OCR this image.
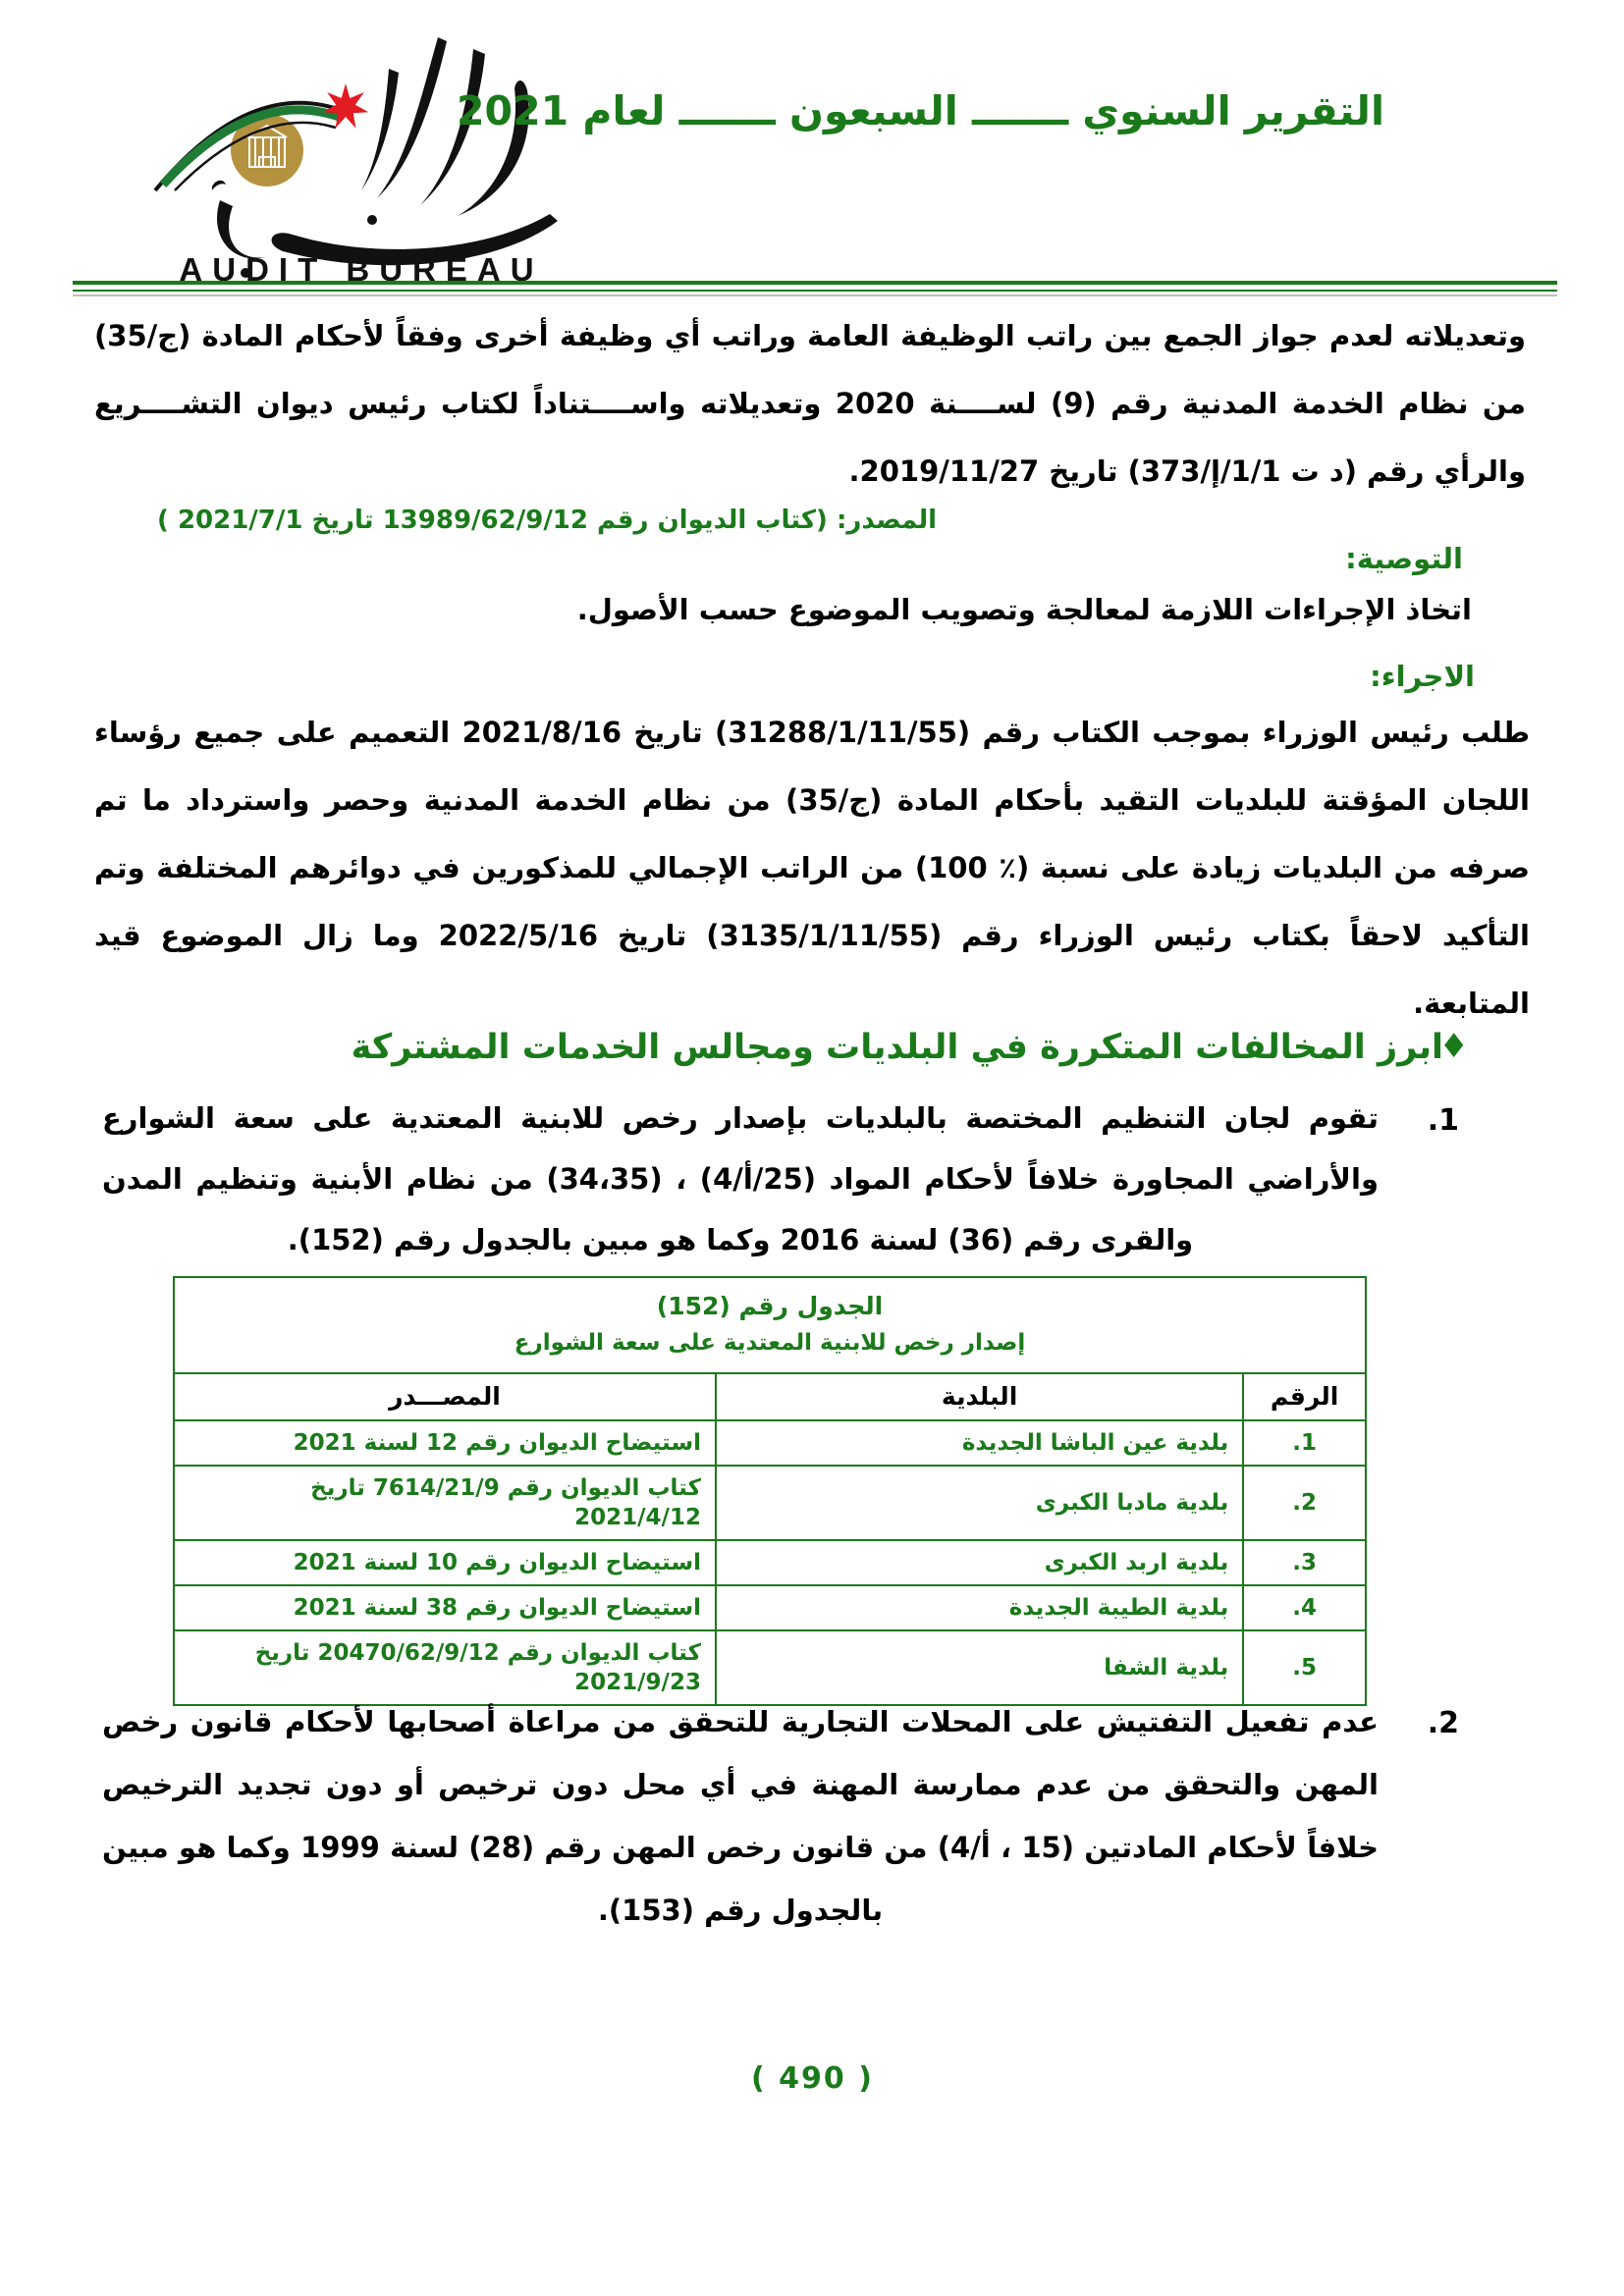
AUDIT BUREAU
التقرير السنوي ـــــــ السبعون ـــــــ لعام 2021
وتعديلاته لعدم جواز الجمع بين راتب الوظيفة العامة وراتب أي وظيفة أخرى وفقاً لأحكام المادة (ج/35) من نظام الخدمة المدنية رقم (9) لســــنة 2020 وتعديلاته واســــتناداً لكتاب رئيس ديوان التشــــريع والرأي رقم (د ت 1/1/إ/373) تاريخ 2019/11/27.
المصدر: (كتاب الديوان رقم 13989/62/9/12 تاريخ 2021/7/1 )
التوصية:
اتخاذ الإجراءات اللازمة لمعالجة وتصويب الموضوع حسب الأصول.
الاجراء:
طلب رئيس الوزراء بموجب الكتاب رقم (31288/1/11/55) تاريخ 2021/8/16 التعميم على جميع رؤساء اللجان المؤقتة للبلديات التقيد بأحكام المادة (ج/35) من نظام الخدمة المدنية وحصر واسترداد ما تم صرفه من البلديات زيادة على نسبة (٪ 100) من الراتب الإجمالي للمذكورين في دوائرهم المختلفة وتم التأكيد لاحقاً بكتاب رئيس الوزراء رقم (3135/1/11/55) تاريخ 2022/5/16 وما زال الموضوع قيد المتابعة.
♦
ابرز المخالفات المتكررة في البلديات ومجالس الخدمات المشتركة
1.
تقوم لجان التنظيم المختصة بالبلديات بإصدار رخص للابنية المعتدية على سعة الشوارع والأراضي المجاورة خلافاً لأحكام المواد (25/أ/4) ، (34،35) من نظام الأبنية وتنظيم المدن والقرى رقم (36) لسنة 2016 وكما هو مبين بالجدول رقم (152).
الجدول رقم (152)
إصدار رخص للابنية المعتدية على سعة الشوارع		

الرقم	البلدية	المصـــدر
1.	بلدية عين الباشا الجديدة	استيضاح الديوان رقم 12 لسنة 2021
2.	بلدية مادبا الكبرى	كتاب الديوان رقم 7614/21/9 تاريخ 2021/4/12
3.	بلدية اربد الكبرى	استيضاح الديوان رقم 10 لسنة 2021
4.	بلدية الطيبة الجديدة	استيضاح الديوان رقم 38 لسنة 2021
5.	بلدية الشفا	كتاب الديوان رقم 20470/62/9/12 تاريخ 2021/9/23
2.
عدم تفعيل التفتيش على المحلات التجارية للتحقق من مراعاة أصحابها لأحكام قانون رخص المهن والتحقق من عدم ممارسة المهنة في أي محل دون ترخيص أو دون تجديد الترخيص خلافاً لأحكام المادتين (15 ، أ/4) من قانون رخص المهن رقم (28) لسنة 1999 وكما هو مبين بالجدول رقم (153).
( 490 )
